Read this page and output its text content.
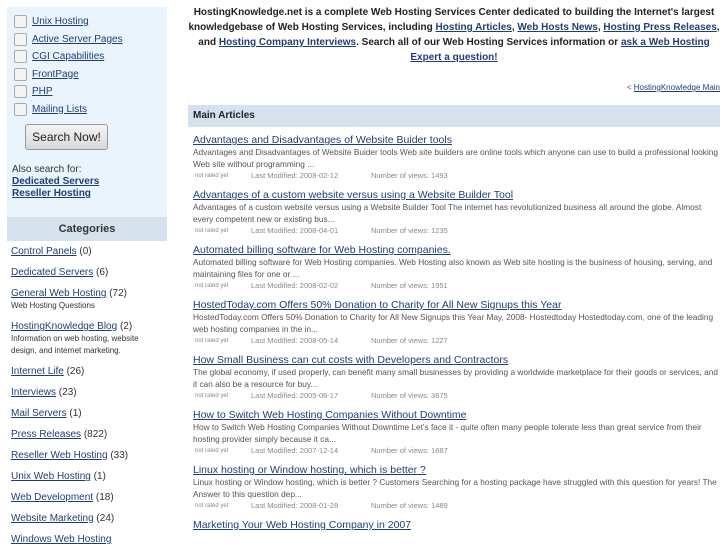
Unix Hosting
Active Server Pages
CGI Capabilities
FrontPage
PHP
Mailing Lists
Search Now!
Also search for:
Dedicated Servers
Reseller Hosting
Categories
Control Panels (0)
Dedicated Servers (6)
General Web Hosting (72)
Web Hosting Questions
HostingKnowledge Blog (2)
Information on web hosting, website design, and internet marketing.
Internet Life (26)
Interviews (23)
Mail Servers (1)
Press Releases (822)
Reseller Web Hosting (33)
Unix Web Hosting (1)
Web Development (18)
Website Marketing (24)
Windows Web Hosting
HostingKnowledge.net is a complete Web Hosting Services Center dedicated to building the Internet's largest knowledgebase of Web Hosting Services, including Hosting Articles, Web Hosts News, Hosting Press Releases, and Hosting Company Interviews. Search all of our Web Hosting Services information or ask a Web Hosting Expert a question!
< HostingKnowledge Main
Main Articles
Advantages and Disadvantages of Website Buider tools
Advantages and Disadvantages of Website Buider tools Web site builders are online tools which anyone can use to build a professional looking Web site without programming ...
not rated yet	Last Modified: 2008-02-12	Number of views: 1493
Advantages of a custom website versus using a Website Builder Tool
Advantages of a custom website versus using a Website Builder Tool The internet has revolutionized business all around the globe. Almost every competent new or existing bus...
not rated yet	Last Modified: 2008-04-01	Number of views: 1235
Automated billing software for Web Hosting companies.
Automated billing software for Web Hosting companies. Web Hosting also known as Web site hosting is the business of housing, serving, and maintaining files for one or ...
not rated yet	Last Modified: 2008-02-02	Number of views: 1951
HostedToday.com Offers 50% Donation to Charity for All New Signups this Year
HostedToday.com Offers 50% Donation to Charity for All New Signups this Year May, 2008- Hostedtoday Hostedtoday.com, one of the leading web hosting companies in the in...
not rated yet	Last Modified: 2008-05-14	Number of views: 1227
How Small Business can cut costs with Developers and Contractors
The global economy, if used properly, can benefit many small businesses by providing a worldwide marketplace for their goods or services, and it can also be a resource for buy...
not rated yet	Last Modified: 2005-06-17	Number of views: 3675
How to Switch Web Hosting Companies Without Downtime
How to Switch Web Hosting Companies Without Downtime Let's face it - quite often many people tolerate less than great service from their hosting provider simply because it ca...
not rated yet	Last Modified: 2007-12-14	Number of views: 1687
Linux hosting or Window hosting, which is better ?
Linux hosting or Window hosting, which is better ? Customers Searching for a hosting package have struggled with this question for years! The Answer to this question dep...
not rated yet	Last Modified: 2008-01-28	Number of views: 1489
Marketing Your Web Hosting Company in 2007
